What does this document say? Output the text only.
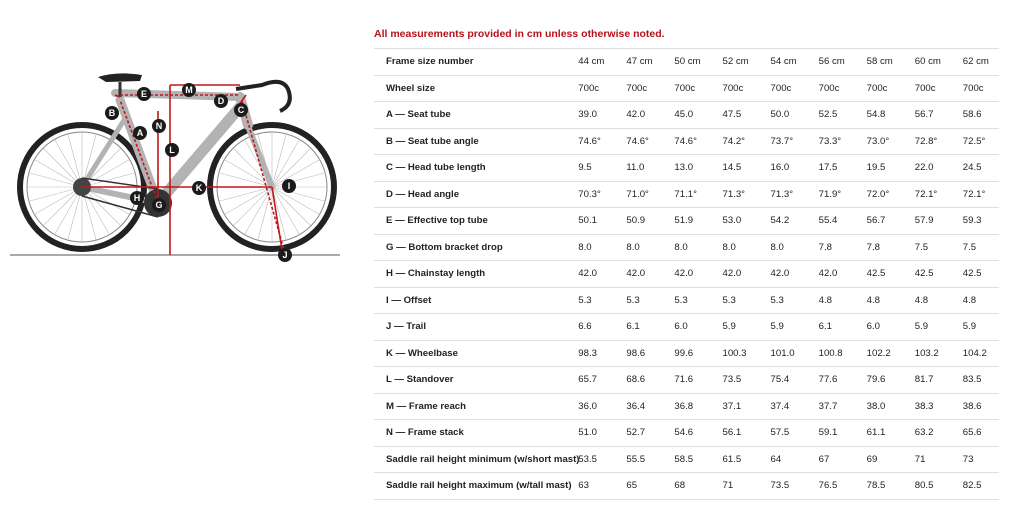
All measurements provided in cm unless otherwise noted.
A
B	C
D
E
G
H
I
J
K
L
M
N
Frame size number	44 cm	47 cm	50 cm	52 cm	54 cm	56 cm	58 cm	60 cm	62 cm
Wheel size	700c	700c	700c	700c	700c	700c	700c	700c	700c
A — Seat tube	39.0	42.0	45.0	47.5	50.0	52.5	54.8	56.7	58.6
B — Seat tube angle	74.6°	74.6°	74.6°	74.2°	73.7°	73.3°	73.0°	72.8°	72.5°
C — Head tube length	9.5	11.0	13.0	14.5	16.0	17.5	19.5	22.0	24.5
D — Head angle	70.3°	71.0°	71.1°	71.3°	71.3°	71.9°	72.0°	72.1°	72.1°
E — Effective top tube	50.1	50.9	51.9	53.0	54.2	55.4	56.7	57.9	59.3
G — Bottom bracket drop	8.0	8.0	8.0	8.0	8.0	7.8	7.8	7.5	7.5
H — Chainstay length	42.0	42.0	42.0	42.0	42.0	42.0	42.5	42.5	42.5
I — Offset	5.3	5.3	5.3	5.3	5.3	4.8	4.8	4.8	4.8
J — Trail	6.6	6.1	6.0	5.9	5.9	6.1	6.0	5.9	5.9
K — Wheelbase	98.3	98.6	99.6	100.3	101.0	100.8	102.2	103.2	104.2
L — Standover	65.7	68.6	71.6	73.5	75.4	77.6	79.6	81.7	83.5
M — Frame reach	36.0	36.4	36.8	37.1	37.4	37.7	38.0	38.3	38.6
N — Frame stack	51.0	52.7	54.6	56.1	57.5	59.1	61.1	63.2	65.6
Saddle rail height minimum (w/short mast)	53.5	55.5	58.5	61.5	64	67	69	71	73
Saddle rail height maximum (w/tall mast)	63	65	68	71	73.5	76.5	78.5	80.5	82.5
